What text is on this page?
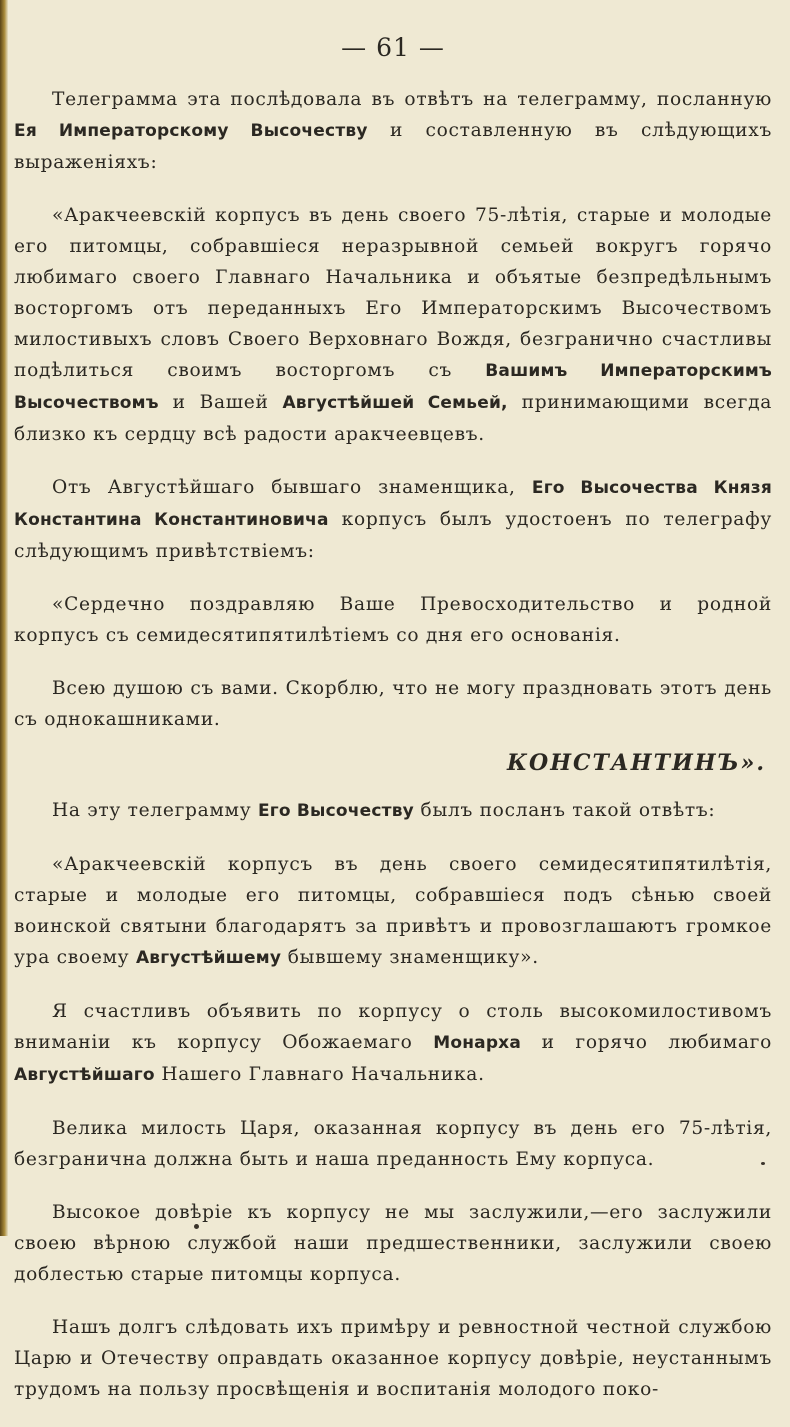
— 61 —

Телеграмма эта послѣдовала въ отвѣтъ на телеграмму, посланную Ея Императорскому Высочеству и составленную въ слѣдующихъ выраженіяхъ:

«Аракчеевскій корпусъ въ день своего 75-лѣтія, старые и молодые его питомцы, собравшіеся неразрывной семьей вокругъ горячо любимаго своего Главнаго Начальника и объятые безпредѣльнымъ восторгомъ отъ переданныхъ Его Императорскимъ Высочествомъ милостивыхъ словъ Своего Верховнаго Вождя, безгранично счастливы подѣлиться своимъ восторгомъ съ Вашимъ Императорскимъ Высочествомъ и Вашей Августѣйшей Семьей, принимающими всегда близко къ сердцу всѣ радости аракчеевцевъ.

Отъ Августѣйшаго бывшаго знаменщика, Его Высочества Князя Константина Константиновича корпусъ былъ удостоенъ по телеграфу слѣдующимъ привѣтствіемъ:

«Сердечно поздравляю Ваше Превосходительство и родной корпусъ съ семидесятипятилѣтіемъ со дня его основанія.

Всею душою съ вами. Скорблю, что не могу праздновать этотъ день съ однокашниками.

КОНСТАНТИНЪ».

На эту телеграмму Его Высочеству былъ посланъ такой отвѣтъ:

«Аракчеевскій корпусъ въ день своего семидесятипятилѣтія, старые и молодые его питомцы, собравшіеся подъ сѣнью своей воинской святыни благодарятъ за привѣтъ и провозглашаютъ громкое ура своему Августѣйшему бывшему знаменщику».

Я счастливъ объявить по корпусу о столь высокомилостивомъ вниманіи къ корпусу Обожаемаго Монарха и горячо любимаго Августѣйшаго Нашего Главнаго Начальника.

Велика милость Царя, оказанная корпусу въ день его 75-лѣтія, безгранична должна быть и наша преданность Ему корпуса.

Высокое довѣріе къ корпусу не мы заслужили,—его заслужили своею вѣрною службой наши предшественники, заслужили своею доблестью старые питомцы корпуса.

Нашъ долгъ слѣдовать ихъ примѣру и ревностной честной службою Царю и Отечеству оправдать оказанное корпусу довѣріе, неустаннымъ трудомъ на пользу просвѣщенія и воспитанія молодого поко-
